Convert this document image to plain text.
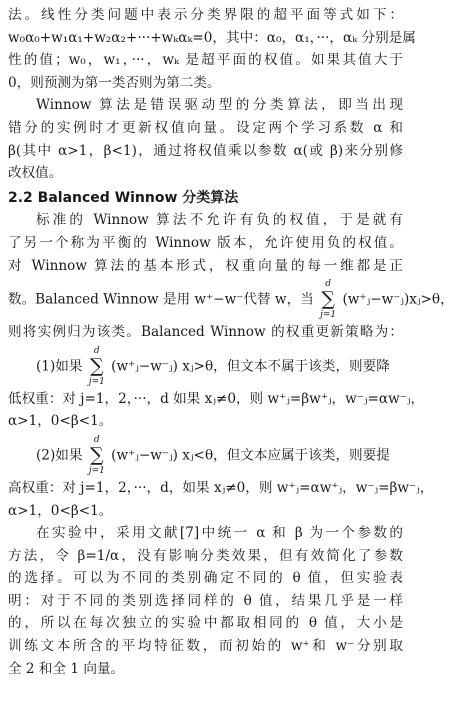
法。线性分类问题中表示分类界限的超平面等式如下：
w₀α₀+w₁α₁+w₂α₂+···+wₖαₖ=0，其中：α₀，α₁，···，αₖ 分别是属
性的值；w₀，w₁，···，wₖ 是超平面的权值。如果其值大于
0，则预测为第一类否则为第二类。
Winnow 算法是错误驱动型的分类算法，即当出现
错分的实例时才更新权值向量。设定两个学习系数 α 和
β(其中 α>1，β<1)，通过将权值乘以参数 α(或 β)来分别修
改权值。
2.2 Balanced Winnow 分类算法
标准的 Winnow 算法不允许有负的权值，于是就有
了另一个称为平衡的 Winnow 版本，允许使用负的权值。
对 Winnow 算法的基本形式，权重向量的每一维都是正
数。Balanced Winnow 是用 w⁺−w⁻代替 w，当
d
∑
j=1
(w⁺ⱼ−w⁻ⱼ)xⱼ>θ，
则将实例归为该类。Balanced Winnow 的权重更新策略为：
(1)如果
d
∑
j=1
(w⁺ⱼ−w⁻ⱼ) xⱼ>θ，但文本不属于该类，则要降
低权重：对 j=1，2，···，d 如果 xⱼ≠0，则 w⁺ⱼ=βw⁺ⱼ，w⁻ⱼ=αw⁻ⱼ，
α>1，0<β<1。
(2)如果
d
∑
j=1
(w⁺ⱼ−w⁻ⱼ) xⱼ<θ，但文本应属于该类，则要提
高权重：对 j=1，2，···，d，如果 xⱼ≠0，则 w⁺ⱼ=αw⁺ⱼ，w⁻ⱼ=βw⁻ⱼ，
α>1，0<β<1。
在实验中，采用文献[7]中统一 α 和 β 为一个参数的
方法，令 β=1/α，没有影响分类效果，但有效简化了参数
的选择。可以为不同的类别确定不同的 θ 值，但实验表
明：对于不同的类别选择同样的 θ 值，结果几乎是一样
的，所以在每次独立的实验中都取相同的 θ 值，大小是
训练文本所含的平均特征数，而初始的 w⁺和 w⁻分别取
全 2 和全 1 向量。
